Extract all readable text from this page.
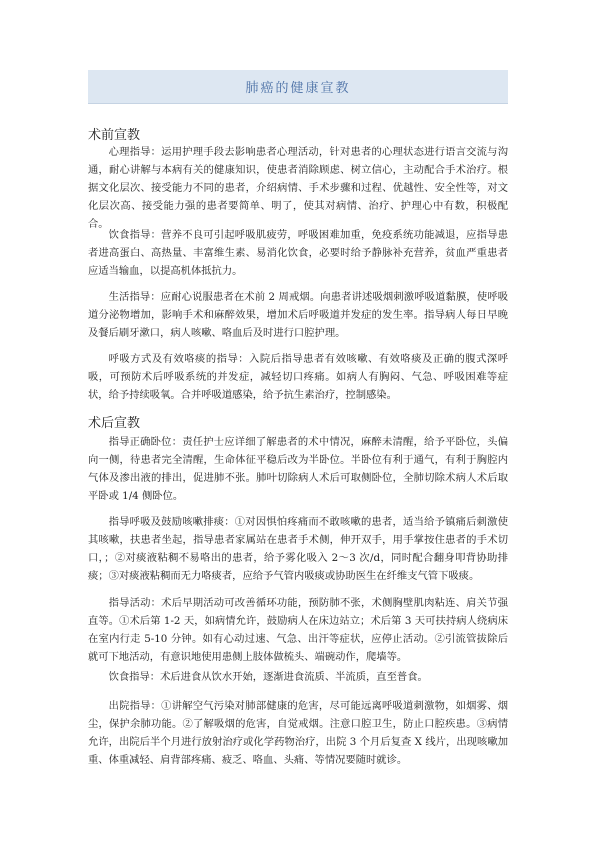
肺癌的健康宣教
术前宣教

心理指导：运用护理手段去影响患者心理活动，针对患者的心理状态进行语言交流与沟通，耐心讲解与本病有关的健康知识，使患者消除顾虑、树立信心，主动配合手术治疗。根据文化层次、接受能力不同的患者，介绍病情、手术步骤和过程、优越性、安全性等，对文化层次高、接受能力强的患者要简单、明了，使其对病情、治疗、护理心中有数，积极配合。

饮食指导：营养不良可引起呼吸肌疲劳，呼吸困难加重，免疫系统功能减退，应指导患者进高蛋白、高热量、丰富维生素、易消化饮食，必要时给予静脉补充营养，贫血严重患者应适当输血，以提高机体抵抗力。

生活指导：应耐心说服患者在术前 2 周戒烟。向患者讲述吸烟刺激呼吸道黏膜，使呼吸道分泌物增加，影响手术和麻醉效果，增加术后呼吸道并发症的发生率。指导病人每日早晚及餐后刷牙漱口，病人咳嗽、咯血后及时进行口腔护理。

呼吸方式及有效咯痰的指导：入院后指导患者有效咳嗽、有效咯痰及正确的腹式深呼吸，可预防术后呼吸系统的并发症，减轻切口疼痛。如病人有胸闷、气急、呼吸困难等症状，给予持续吸氧。合并呼吸道感染，给予抗生素治疗，控制感染。

术后宣教

指导正确卧位：责任护士应详细了解患者的术中情况，麻醉未清醒，给予平卧位，头偏向一侧，待患者完全清醒，生命体征平稳后改为半卧位。半卧位有利于通气，有利于胸腔内气体及渗出液的排出，促进肺不张。肺叶切除病人术后可取侧卧位，全肺切除术病人术后取平卧或 1/4 侧卧位。

指导呼吸及鼓励咳嗽排痰：①对因惧怕疼痛而不敢咳嗽的患者，适当给予镇痛后刺激使其咳嗽，扶患者坐起，指导患者家属站在患者手术侧，伸开双手，用手掌按住患者的手术切口，；②对痰液粘稠不易咯出的患者，给予雾化吸入 2～3 次/d，同时配合翻身叩背协助排痰；③对痰液粘稠而无力咯痰者，应给予气管内吸痰或协助医生在纤维支气管下吸痰。

指导活动：术后早期活动可改善循环功能，预防肺不张，术侧胸壁肌肉粘连、肩关节强直等。①术后第 1-2 天，如病情允许，鼓励病人在床边站立；术后第 3 天可扶持病人绕病床在室内行走 5-10 分钟。如有心动过速、气急、出汗等症状，应停止活动。②引流管拔除后就可下地活动，有意识地使用患侧上肢体做梳头、端碗动作，爬墙等。

饮食指导：术后进食从饮水开始，逐渐进食流质、半流质，直至普食。

出院指导：①讲解空气污染对肺部健康的危害，尽可能远离呼吸道刺激物，如烟雾、烟尘，保护余肺功能。②了解吸烟的危害，自觉戒烟。注意口腔卫生，防止口腔疾患。③病情允许，出院后半个月进行放射治疗或化学药物治疗，出院 3 个月后复查 X 线片，出现咳嗽加重、体重减轻、肩背部疼痛、疲乏、咯血、头痛、等情况要随时就诊。
